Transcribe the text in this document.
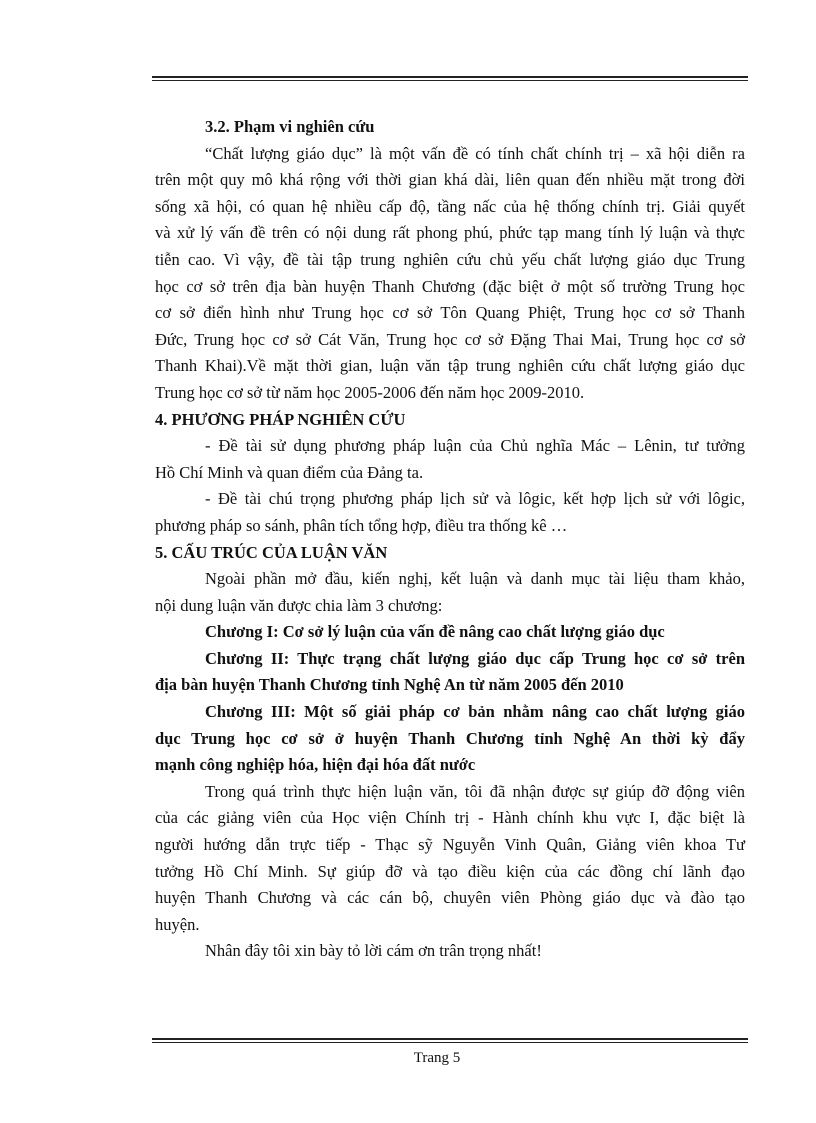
3.2. Phạm vi nghiên cứu
“Chất lượng giáo dục” là một vấn đề có tính chất chính trị – xã hội diễn ra
trên một quy mô khá rộng với thời gian khá dài, liên quan đến nhiều mặt trong đời
sống xã hội, có quan hệ nhiều cấp độ, tầng nấc của hệ thống chính trị. Giải quyết
và xử lý vấn đề trên có nội dung rất phong phú, phức tạp mang tính lý luận và thực
tiễn cao. Vì vậy, đề tài tập trung nghiên cứu chủ yếu chất lượng giáo dục Trung
học cơ sở trên địa bàn huyện Thanh Chương (đặc biệt ở một số trường Trung học
cơ sở điển hình như Trung học cơ sở Tôn Quang Phiệt, Trung học cơ sở Thanh
Đức, Trung học cơ sở Cát Văn, Trung học cơ sở Đặng Thai Mai, Trung học cơ sở
Thanh Khai).Về mặt thời gian, luận văn tập trung nghiên cứu chất lượng giáo dục
Trung học cơ sở từ năm học 2005-2006 đến năm học 2009-2010.
4. PHƯƠNG PHÁP NGHIÊN CỨU
- Đề tài sử dụng phương pháp luận của Chủ nghĩa Mác – Lênin, tư tưởng
Hồ Chí Minh và quan điểm của Đảng ta.
- Đề tài chú trọng phương pháp lịch sử và lôgic, kết hợp lịch sử với lôgic,
phương pháp so sánh, phân tích tổng hợp, điều tra thống kê …
5. CẤU TRÚC CỦA LUẬN VĂN
Ngoài phần mở đầu, kiến nghị, kết luận và danh mục tài liệu tham khảo,
nội dung luận văn được chia làm 3 chương:
Chương I: Cơ sở lý luận của vấn đề nâng cao chất lượng giáo dục
Chương II: Thực trạng chất lượng giáo dục cấp Trung học cơ sở trên
địa bàn huyện Thanh Chương tỉnh Nghệ An từ năm 2005 đến 2010
Chương III: Một số giải pháp cơ bản nhằm nâng cao chất lượng giáo
dục Trung học cơ sở ở huyện Thanh Chương tỉnh Nghệ An thời kỳ đẩy
mạnh công nghiệp hóa, hiện đại hóa đất nước
Trong quá trình thực hiện luận văn, tôi đã nhận được sự giúp đỡ động viên
của các giảng viên của Học viện Chính trị - Hành chính khu vực I, đặc biệt là
người hướng dẫn trực tiếp - Thạc sỹ Nguyễn Vinh Quân, Giảng viên khoa Tư
tưởng Hồ Chí Minh. Sự giúp đỡ và tạo điều kiện của các đồng chí lãnh đạo
huyện Thanh Chương và các cán bộ, chuyên viên Phòng giáo dục và đào tạo
huyện.
Nhân đây tôi xin bày tỏ lời cám ơn trân trọng nhất!
Trang 5
